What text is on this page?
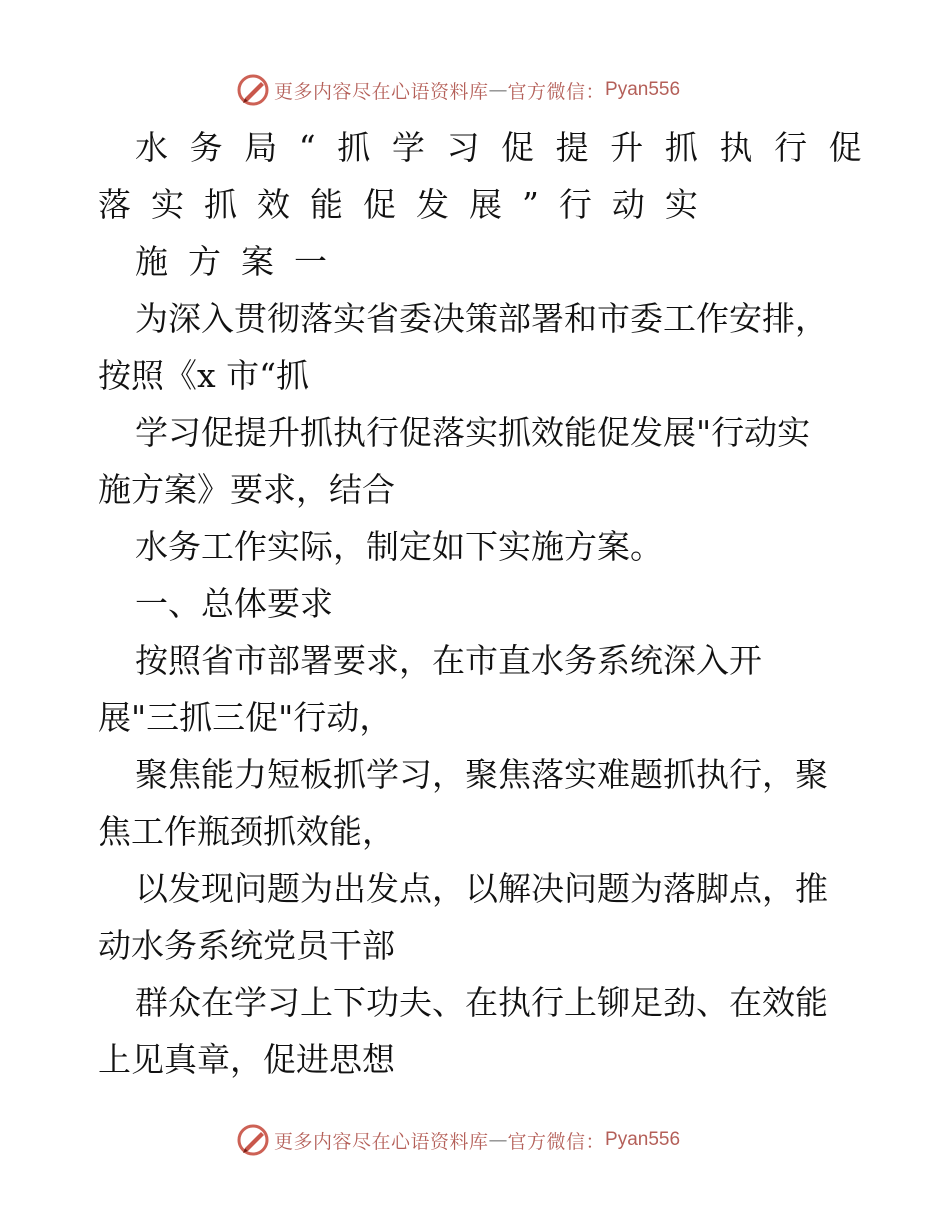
更多内容尽在心语资料库 — 官方微信： Pyan556
水务局“抓学习促提升抓执行促
落实抓效能促发展”行动实
施方案一
为深入贯彻落实省委决策部署和市委工作安排，
按照《x 市“抓
学习促提升抓执行促落实抓效能促发展"行动实
施方案》要求，结合
水务工作实际，制定如下实施方案。
一、总体要求
按照省市部署要求，在市直水务系统深入开
展"三抓三促"行动，
聚焦能力短板抓学习，聚焦落实难题抓执行，聚
焦工作瓶颈抓效能，
以发现问题为出发点，以解决问题为落脚点，推
动水务系统党员干部
群众在学习上下功夫、在执行上铆足劲、在效能
上见真章，促进思想
更多内容尽在心语资料库 — 官方微信： Pyan556
